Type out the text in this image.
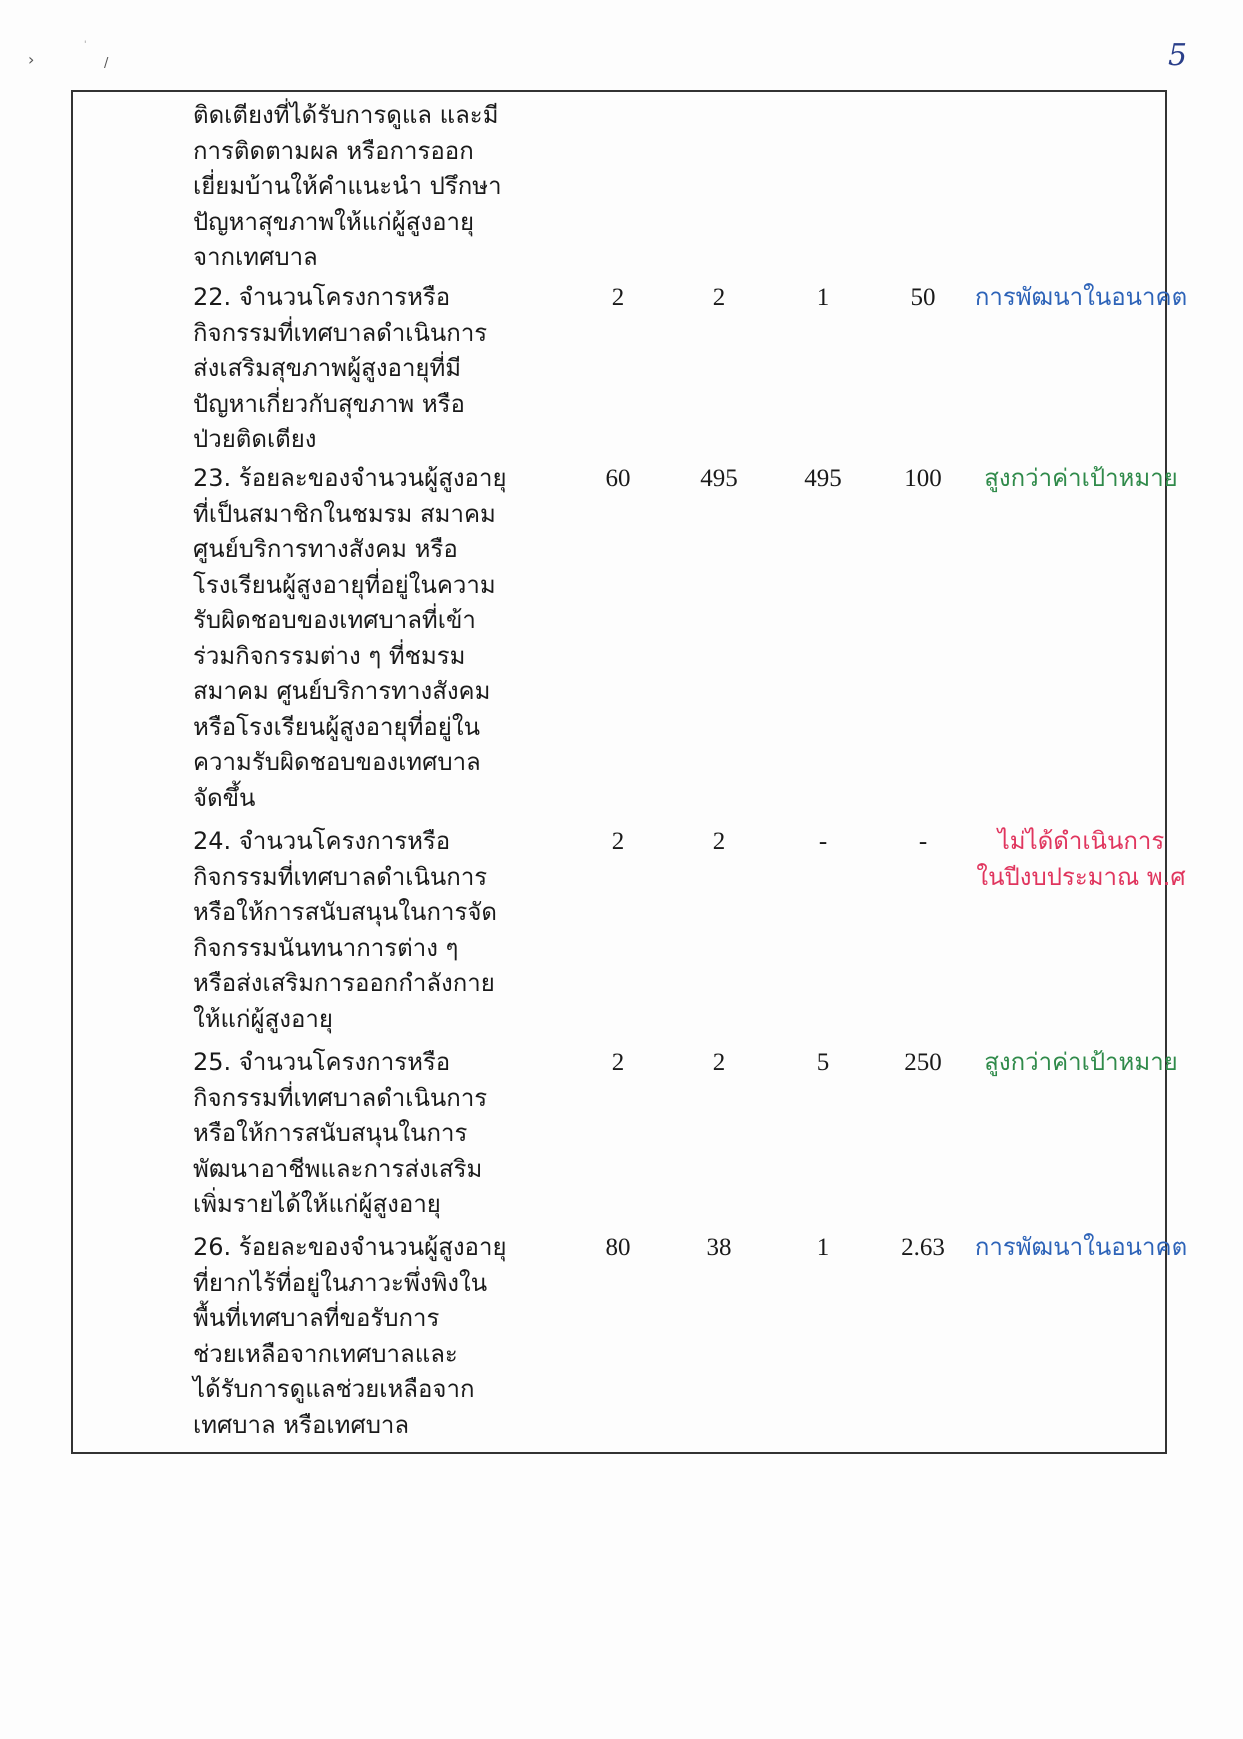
›	/
'	5
ติดเตียงที่ได้รับการดูแล และมี
การติดตามผล หรือการออก
เยี่ยมบ้านให้คำแนะนำ ปรึกษา
ปัญหาสุขภาพให้แก่ผู้สูงอายุ
จากเทศบาล
22. จำนวนโครงการหรือ
กิจกรรมที่เทศบาลดำเนินการ
ส่งเสริมสุขภาพผู้สูงอายุที่มี
ปัญหาเกี่ยวกับสุขภาพ หรือ
ป่วยติดเตียง
2	2	1	50	การพัฒนาในอนาคต
23. ร้อยละของจำนวนผู้สูงอายุ
ที่เป็นสมาชิกในชมรม สมาคม
ศูนย์บริการทางสังคม หรือ
โรงเรียนผู้สูงอายุที่อยู่ในความ
รับผิดชอบของเทศบาลที่เข้า
ร่วมกิจกรรมต่าง ๆ ที่ชมรม
สมาคม ศูนย์บริการทางสังคม
หรือโรงเรียนผู้สูงอายุที่อยู่ใน
ความรับผิดชอบของเทศบาล
จัดขึ้น
60	495	495	100	สูงกว่าค่าเป้าหมาย
24. จำนวนโครงการหรือ
กิจกรรมที่เทศบาลดำเนินการ
หรือให้การสนับสนุนในการจัด
กิจกรรมนันทนาการต่าง ๆ
หรือส่งเสริมการออกกำลังกาย
ให้แก่ผู้สูงอายุ
2	2	-	-	ไม่ได้ดำเนินการ
ในปีงบประมาณ พ.ศ
25. จำนวนโครงการหรือ
กิจกรรมที่เทศบาลดำเนินการ
หรือให้การสนับสนุนในการ
พัฒนาอาชีพและการส่งเสริม
เพิ่มรายได้ให้แก่ผู้สูงอายุ
2	2	5	250	สูงกว่าค่าเป้าหมาย
26. ร้อยละของจำนวนผู้สูงอายุ
ที่ยากไร้ที่อยู่ในภาวะพึ่งพิงใน
พื้นที่เทศบาลที่ขอรับการ
ช่วยเหลือจากเทศบาลและ
ได้รับการดูแลช่วยเหลือจาก
เทศบาล หรือเทศบาล
80	38	1	2.63	การพัฒนาในอนาคต
